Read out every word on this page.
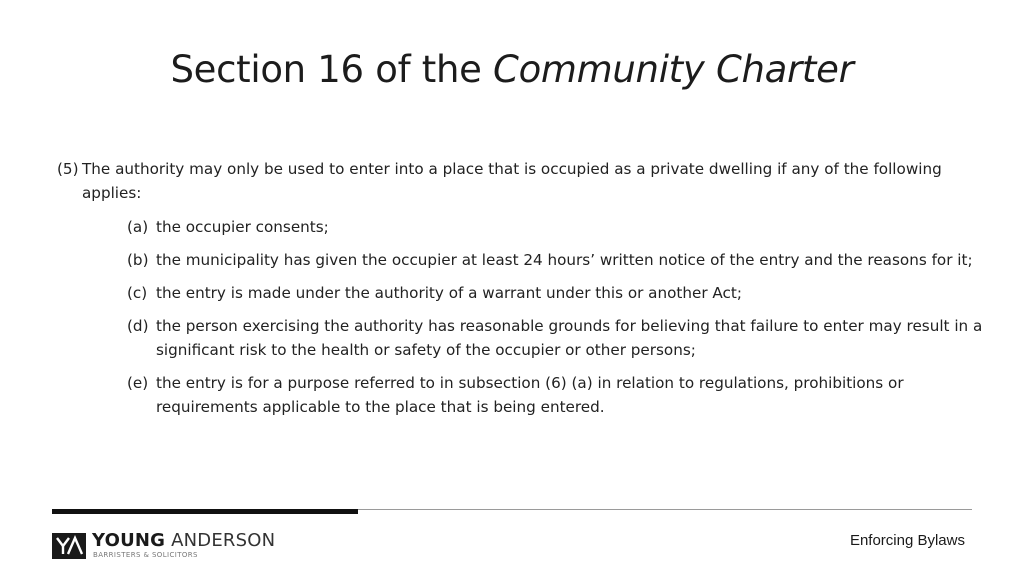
Section 16 of the Community Charter

(5) The authority may only be used to enter into a place that is occupied as a private dwelling if any of the following applies:

(a) the occupier consents;
(b) the municipality has given the occupier at least 24 hours’ written notice of the entry and the reasons for it;
(c) the entry is made under the authority of a warrant under this or another Act;
(d) the person exercising the authority has reasonable grounds for believing that failure to enter may result in a significant risk to the health or safety of the occupier or other persons;
(e) the entry is for a purpose referred to in subsection (6) (a) in relation to regulations, prohibitions or requirements applicable to the place that is being entered.
YOUNG ANDERSON
BARRISTERS & SOLICITORS
Enforcing Bylaws
